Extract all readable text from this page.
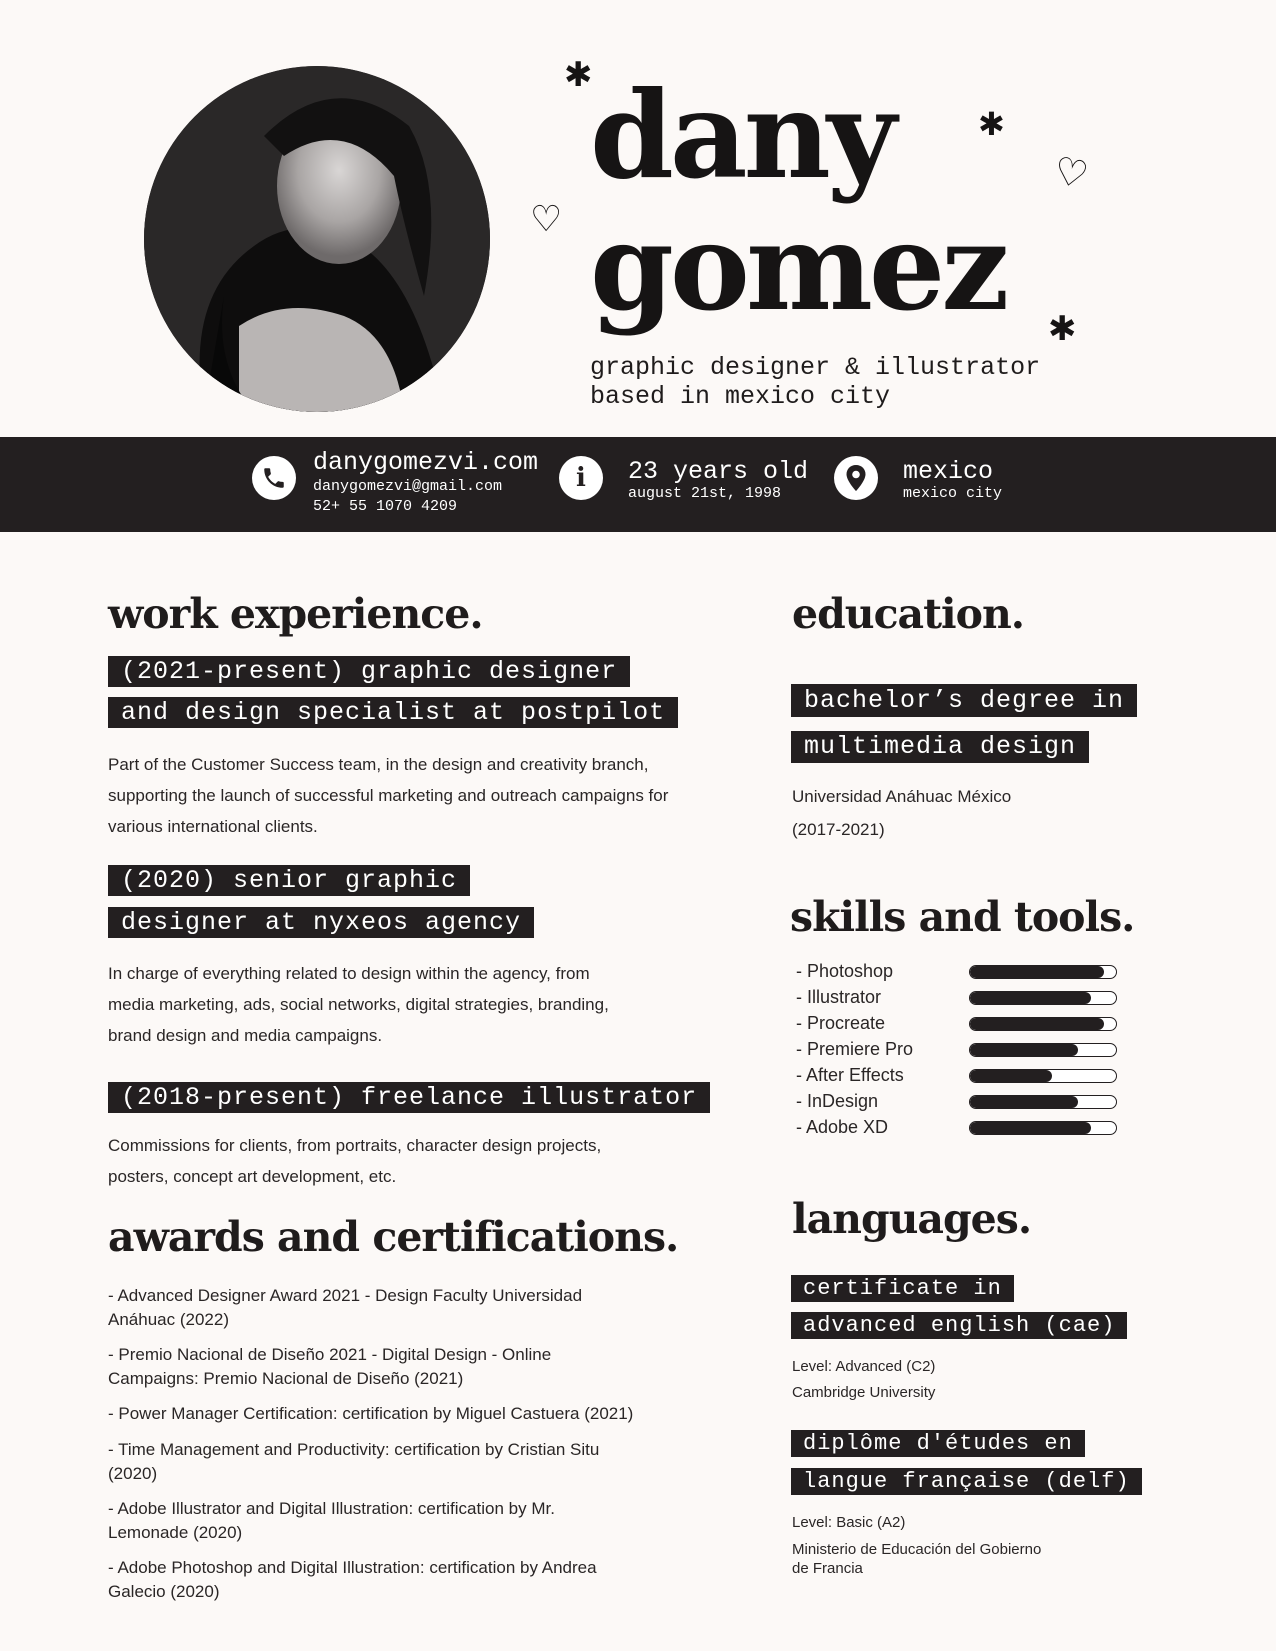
dany
gomez
✱
✱
✱
♡
♡
graphic designer & illustrator
based in mexico city
danygomezvi.com
danygomezvi@gmail.com
52+ 55 1070 4209
i 23 years old
august 21st, 1998
mexico
mexico city
work experience.
(2021-present) graphic designer
and design specialist at postpilot
Part of the Customer Success team, in the design and creativity branch,
supporting the launch of successful marketing and outreach campaigns for
various international clients.
(2020) senior graphic
designer at nyxeos agency
In charge of everything related to design within the agency, from
media marketing, ads, social networks, digital strategies, branding,
brand design and media campaigns.
(2018-present) freelance illustrator
Commissions for clients, from portraits, character design projects,
posters, concept art development, etc.
awards and certifications.
- Advanced Designer Award 2021 - Design Faculty Universidad
Anáhuac (2022)
- Premio Nacional de Diseño 2021 - Digital Design - Online
Campaigns: Premio Nacional de Diseño (2021)
- Power Manager Certification: certification by Miguel Castuera (2021)
- Time Management and Productivity: certification by Cristian Situ
(2020)
- Adobe Illustrator and Digital Illustration: certification by Mr.
Lemonade (2020)
- Adobe Photoshop and Digital Illustration: certification by Andrea
Galecio (2020)
education.
bachelor’s degree in
multimedia design
Universidad Anáhuac México
(2017-2021)
skills and tools.
- Photoshop
- Illustrator
- Procreate
- Premiere Pro
- After Effects
- InDesign
- Adobe XD
languages.
certificate in
advanced english (cae)
Level: Advanced (C2)
Cambridge University
diplôme d'études en
langue française (delf)
Level: Basic (A2)
Ministerio de Educación del Gobierno
de Francia
